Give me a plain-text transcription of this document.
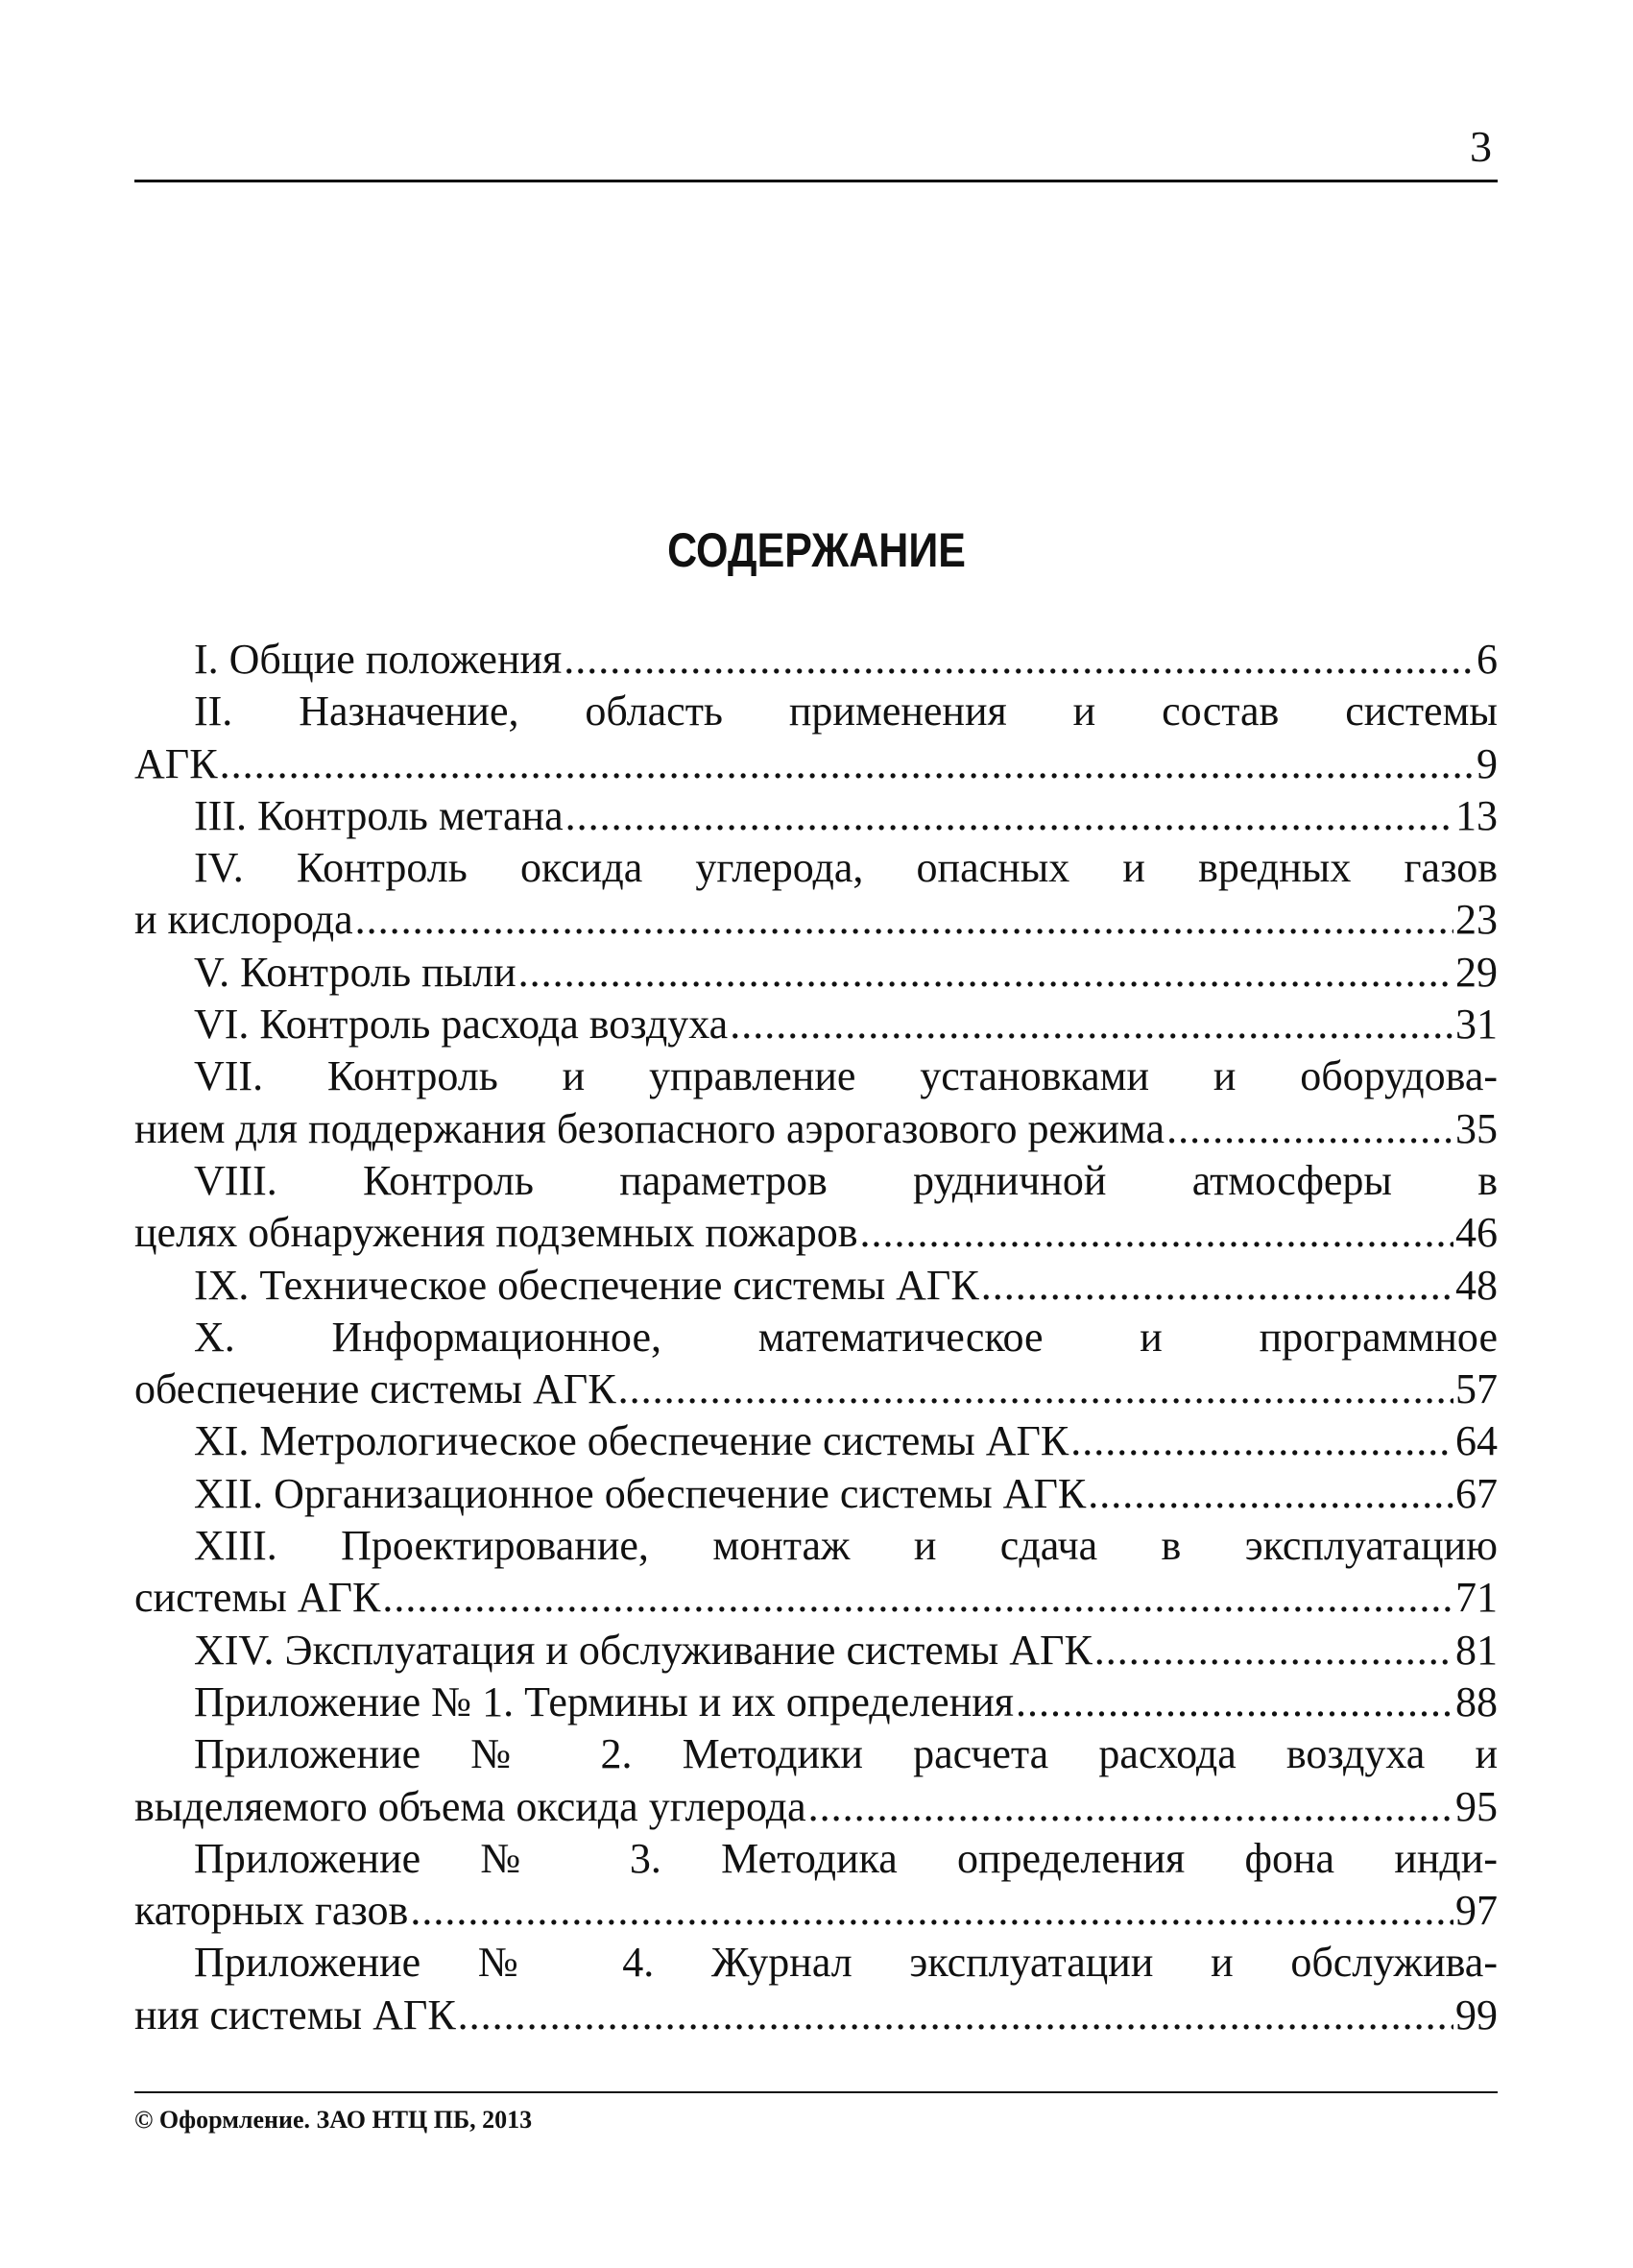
3
СОДЕРЖАНИЕ
I. Общие положения .....	6
II. Назначение, область применения и состав системы
АГК .....	9
III. Контроль метана .....	13
IV. Контроль оксида углерода, опасных и вредных газов
и кислорода .....	23
V. Контроль пыли .....	29
VI. Контроль расхода воздуха .....	31
VII. Контроль и управление установками и оборудова-
нием для поддержания безопасного аэрогазового режима .....	35
VIII. Контроль параметров рудничной атмосферы в
целях обнаружения подземных пожаров .....	46
IX. Техническое обеспечение системы АГК .....	48
X. Информационное, математическое и программное
обеспечение системы АГК .....	57
XI. Метрологическое обеспечение системы АГК .....	64
XII. Организационное обеспечение системы АГК .....	67
XIII. Проектирование, монтаж и сдача в эксплуатацию
системы АГК .....	71
XIV. Эксплуатация и обслуживание системы АГК .....	81
Приложение № 1. Термины и их определения .....	88
Приложение № 2. Методики расчета расхода воздуха и
выделяемого объема оксида углерода .....	95
Приложение № 3. Методика определения фона инди-
каторных газов .....	97
Приложение № 4. Журнал эксплуатации и обслужива-
ния системы АГК .....	99
© Оформление. ЗАО НТЦ ПБ, 2013
